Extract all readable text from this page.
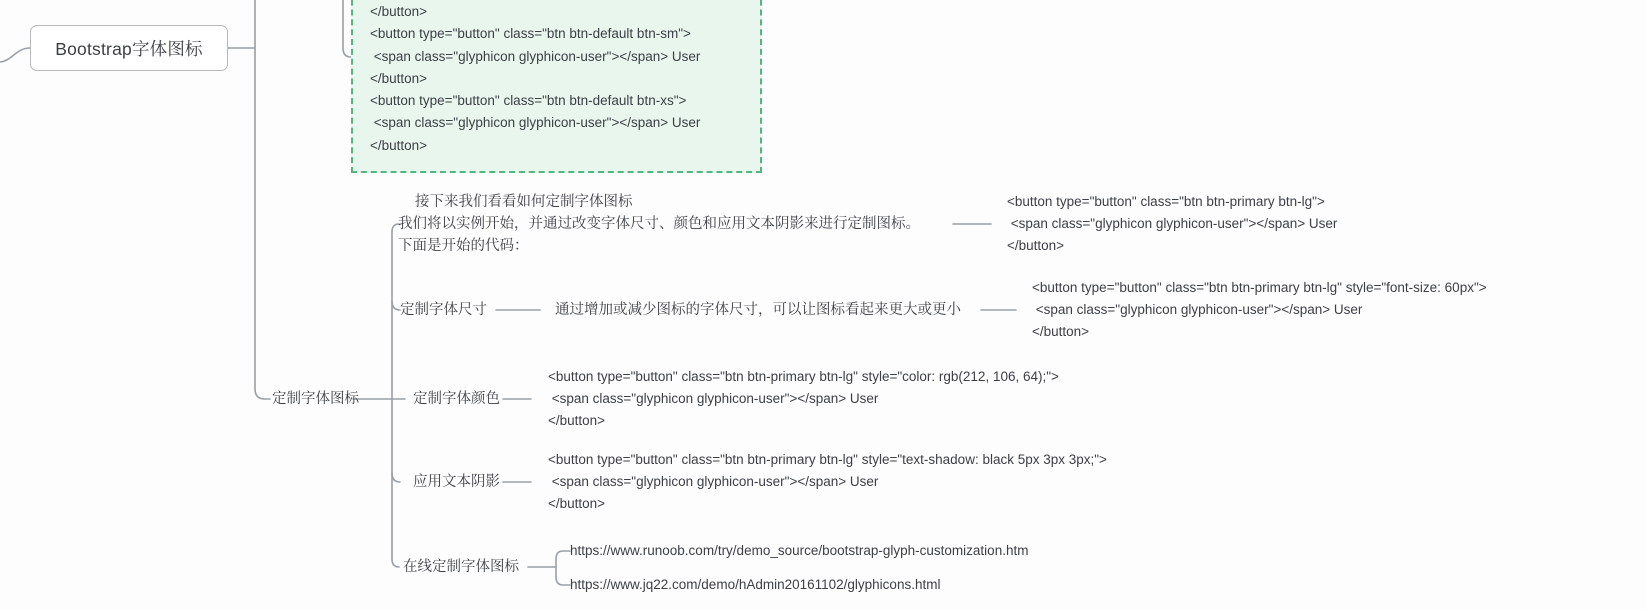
Bootstrap字体图标
</button>
<button type="button" class="btn btn-default btn-sm">
<span class="glyphicon glyphicon-user"></span> User
</button>
<button type="button" class="btn btn-default btn-xs">
<span class="glyphicon glyphicon-user"></span> User
</button>
接下来我们看看如何定制字体图标
我们将以实例开始，并通过改变字体尺寸、颜色和应用文本阴影来进行定制图标。
下面是开始的代码：
<button type="button" class="btn btn-primary btn-lg">
<span class="glyphicon glyphicon-user"></span> User
</button>
定制字体尺寸	通过增加或减少图标的字体尺寸，可以让图标看起来更大或更小
<button type="button" class="btn btn-primary btn-lg" style="font-size: 60px">
<span class="glyphicon glyphicon-user"></span> User
</button>
定制字体图标	定制字体颜色
<button type="button" class="btn btn-primary btn-lg" style="color: rgb(212, 106, 64);">
<span class="glyphicon glyphicon-user"></span> User
</button>
应用文本阴影
<button type="button" class="btn btn-primary btn-lg" style="text-shadow: black 5px 3px 3px;">
<span class="glyphicon glyphicon-user"></span> User
</button>
在线定制字体图标
https://www.runoob.com/try/demo_source/bootstrap-glyph-customization.htm
https://www.jq22.com/demo/hAdmin20161102/glyphicons.html
